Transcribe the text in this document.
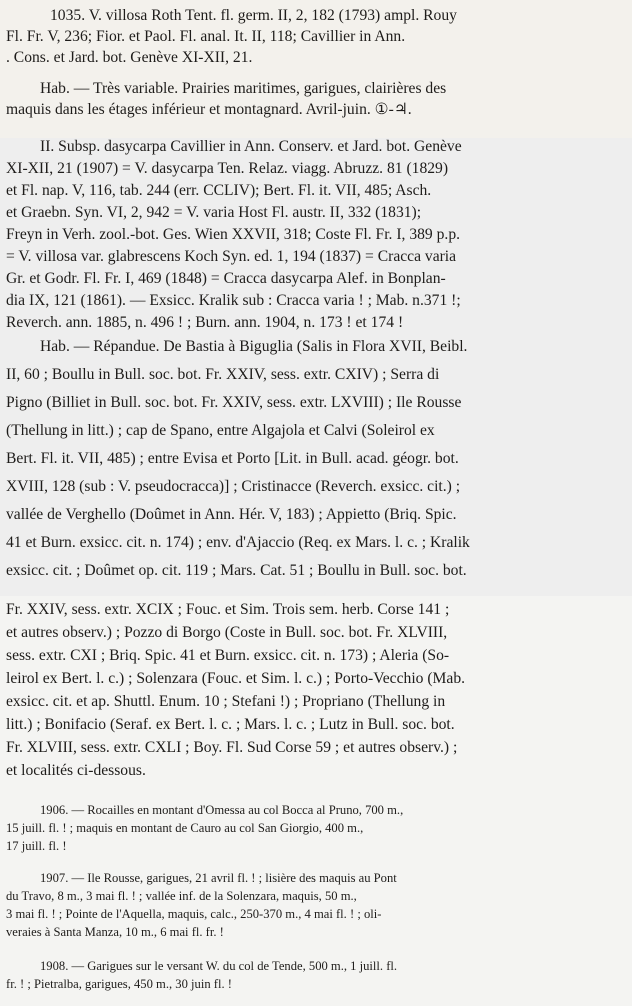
1035. V. villosa Roth Tent. fl. germ. II, 2, 182 (1793) ampl. Rouy
Fl. Fr. V, 236; Fior. et Paol. Fl. anal. It. II, 118; Cavillier in Ann.
. Cons. et Jard. bot. Genève XI-XII, 21.
Hab. — Très variable. Prairies maritimes, garigues, clairières des
maquis dans les étages inférieur et montagnard. Avril-juin. ①-♃.
II. Subsp. dasycarpa Cavillier in Ann. Conserv. et Jard. bot. Genève
XI-XII, 21 (1907) = V. dasycarpa Ten. Relaz. viagg. Abruzz. 81 (1829)
et Fl. nap. V, 116, tab. 244 (err. CCLIV); Bert. Fl. it. VII, 485; Asch.
et Graebn. Syn. VI, 2, 942 = V. varia Host Fl. austr. II, 332 (1831);
Freyn in Verh. zool.-bot. Ges. Wien XXVII, 318; Coste Fl. Fr. I, 389 p.p.
= V. villosa var. glabrescens Koch Syn. ed. 1, 194 (1837) = Cracca varia
Gr. et Godr. Fl. Fr. I, 469 (1848) = Cracca dasycarpa Alef. in Bonplan-
dia IX, 121 (1861). — Exsicc. Kralik sub : Cracca varia ! ; Mab. n.371 !;
Reverch. ann. 1885, n. 496 ! ; Burn. ann. 1904, n. 173 ! et 174 !
Hab. — Répandue. De Bastia à Biguglia (Salis in Flora XVII, Beibl.
II, 60 ; Boullu in Bull. soc. bot. Fr. XXIV, sess. extr. CXIV) ; Serra di
Pigno (Billiet in Bull. soc. bot. Fr. XXIV, sess. extr. LXVIII) ; Ile Rousse
(Thellung in litt.) ; cap de Spano, entre Algajola et Calvi (Soleirol ex
Bert. Fl. it. VII, 485) ; entre Evisa et Porto [Lit. in Bull. acad. géogr. bot.
XVIII, 128 (sub : V. pseudocracca)] ; Cristinacce (Reverch. exsicc. cit.) ;
vallée de Verghello (Doûmet in Ann. Hér. V, 183) ; Appietto (Briq. Spic.
41 et Burn. exsicc. cit. n. 174) ; env. d'Ajaccio (Req. ex Mars. l. c. ; Kralik
exsicc. cit. ; Doûmet op. cit. 119 ; Mars. Cat. 51 ; Boullu in Bull. soc. bot.
Fr. XXIV, sess. extr. XCIX ; Fouc. et Sim. Trois sem. herb. Corse 141 ;
et autres observ.) ; Pozzo di Borgo (Coste in Bull. soc. bot. Fr. XLVIII,
sess. extr. CXI ; Briq. Spic. 41 et Burn. exsicc. cit. n. 173) ; Aleria (So-
leirol ex Bert. l. c.) ; Solenzara (Fouc. et Sim. l. c.) ; Porto-Vecchio (Mab.
exsicc. cit. et ap. Shuttl. Enum. 10 ; Stefani !) ; Propriano (Thellung in
litt.) ; Bonifacio (Seraf. ex Bert. l. c. ; Mars. l. c. ; Lutz in Bull. soc. bot.
Fr. XLVIII, sess. extr. CXLI ; Boy. Fl. Sud Corse 59 ; et autres observ.) ;
et localités ci-dessous.
1906. — Rocailles en montant d'Omessa au col Bocca al Pruno, 700 m.,
15 juill. fl. ! ; maquis en montant de Cauro au col San Giorgio, 400 m.,
17 juill. fl. !
1907. — Ile Rousse, garigues, 21 avril fl. ! ; lisière des maquis au Pont
du Travo, 8 m., 3 mai fl. ! ; vallée inf. de la Solenzara, maquis, 50 m.,
3 mai fl. ! ; Pointe de l'Aquella, maquis, calc., 250-370 m., 4 mai fl. ! ; oli-
veraies à Santa Manza, 10 m., 6 mai fl. fr. !
1908. — Garigues sur le versant W. du col de Tende, 500 m., 1 juill. fl.
fr. ! ; Pietralba, garigues, 450 m., 30 juin fl. !
